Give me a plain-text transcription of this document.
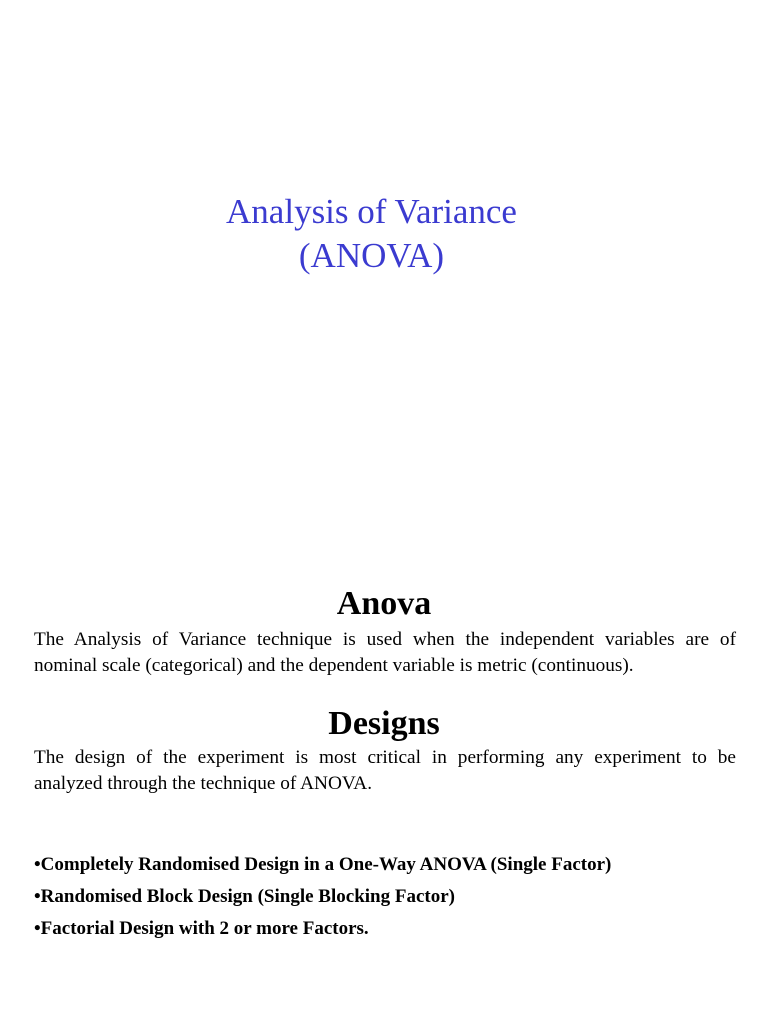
Analysis of Variance
(ANOVA)
Anova
The Analysis of Variance technique is used when the independent variables are of
nominal scale (categorical) and the dependent variable is metric (continuous).
Designs
The design of the experiment is most critical in performing any experiment to be
analyzed through the technique of ANOVA.
•Completely Randomised Design in a One-Way ANOVA (Single Factor)
•Randomised Block Design (Single Blocking Factor)
•Factorial Design with 2 or more Factors.
